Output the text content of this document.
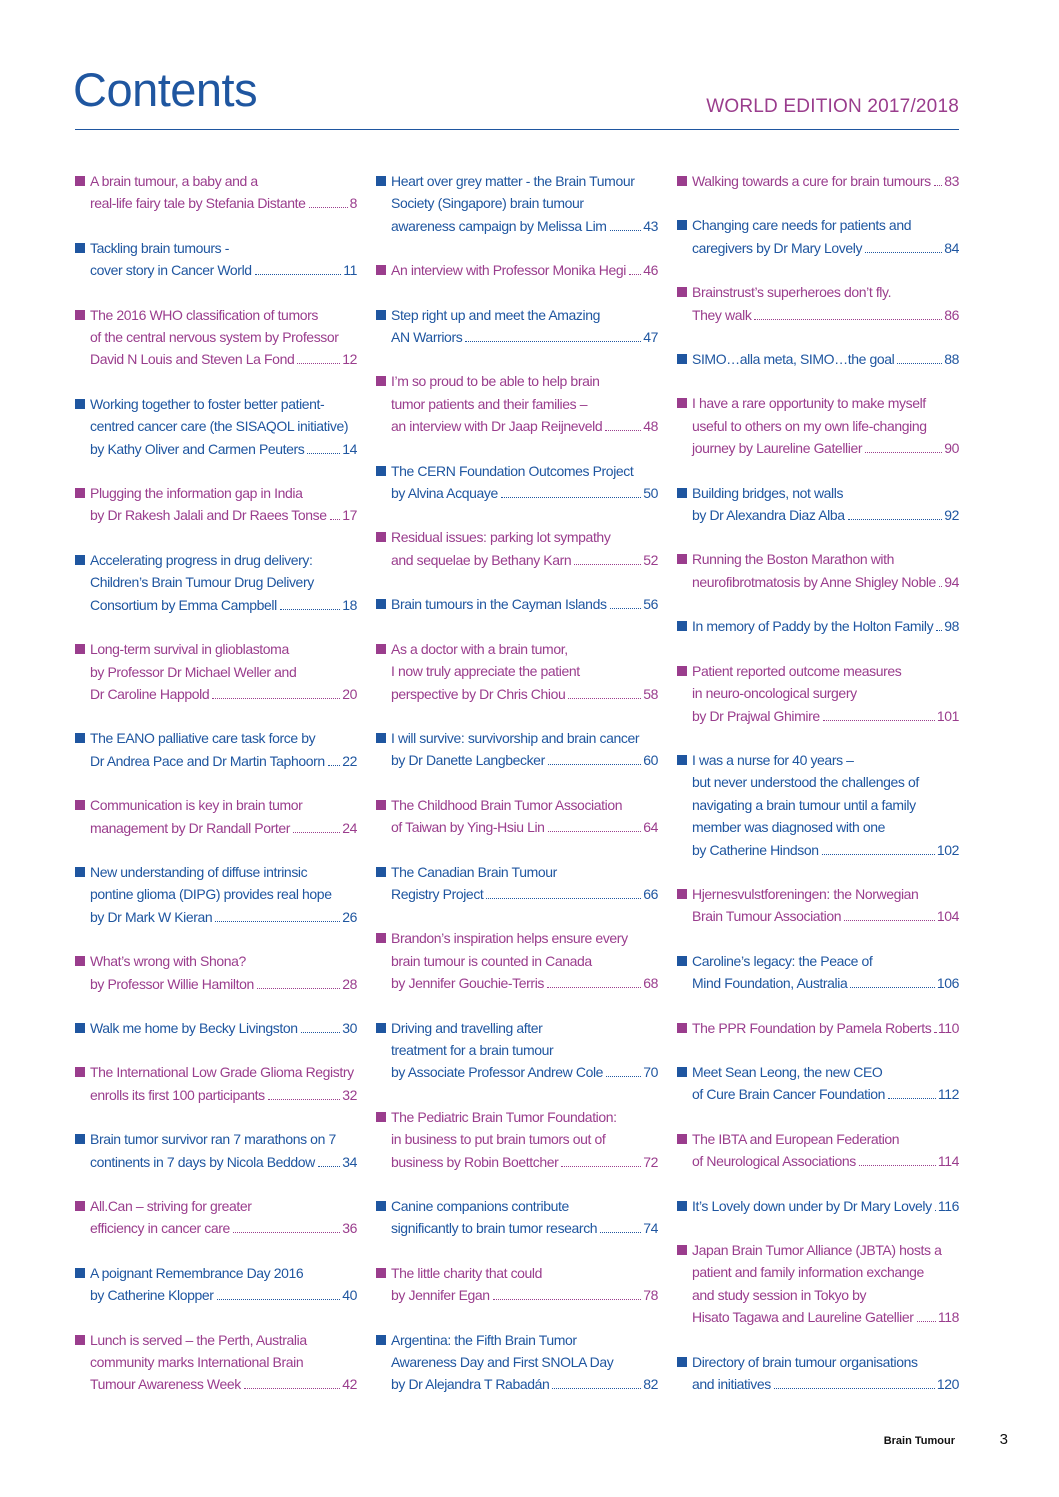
Contents	WORLD EDITION 2017/2018
A brain tumour, a baby and a
real-life fairy tale by Stefania Distante	8
Tackling brain tumours -
cover story in Cancer World	11
The 2016 WHO classification of tumors
of the central nervous system by Professor
David N Louis and Steven La Fond	12
Working together to foster better patient-
centred cancer care (the SISAQOL initiative)
by Kathy Oliver and Carmen Peuters	14
Plugging the information gap in India
by Dr Rakesh Jalali and Dr Raees Tonse 17
Accelerating progress in drug delivery:
Children’s Brain Tumour Drug Delivery
Consortium by Emma Campbell	18
Long-term survival in glioblastoma
by Professor Dr Michael Weller and
Dr Caroline Happold	20
The EANO palliative care task force by
Dr Andrea Pace and Dr Martin Taphoorn 22
Communication is key in brain tumor
management by Dr Randall Porter	24
New understanding of diffuse intrinsic
pontine glioma (DIPG) provides real hope
by Dr Mark W Kieran	26
What’s wrong with Shona?
by Professor Willie Hamilton	28
Walk me home by Becky Livingston	30
The International Low Grade Glioma Registry
enrolls its first 100 participants	32
Brain tumor survivor ran 7 marathons on 7
continents in 7 days by Nicola Beddow 34
All.Can – striving for greater
efficiency in cancer care	36
A poignant Remembrance Day 2016
by Catherine Klopper	40
Lunch is served – the Perth, Australia
community marks International Brain
Tumour Awareness Week	42
Heart over grey matter - the Brain Tumour
Society (Singapore) brain tumour
awareness campaign by Melissa Lim	43
An interview with Professor Monika Hegi 46
Step right up and meet the Amazing
AN Warriors	47
I’m so proud to be able to help brain
tumor patients and their families –
an interview with Dr Jaap Reijneveld	48
The CERN Foundation Outcomes Project
by Alvina Acquaye	50
Residual issues: parking lot sympathy
and sequelae by Bethany Karn	52
Brain tumours in the Cayman Islands	56
As a doctor with a brain tumor,
I now truly appreciate the patient
perspective by Dr Chris Chiou	58
I will survive: survivorship and brain cancer
by Dr Danette Langbecker	60
The Childhood Brain Tumor Association
of Taiwan by Ying-Hsiu Lin	64
The Canadian Brain Tumour
Registry Project	66
Brandon’s inspiration helps ensure every
brain tumour is counted in Canada
by Jennifer Gouchie-Terris	68
Driving and travelling after
treatment for a brain tumour
by Associate Professor Andrew Cole	70
The Pediatric Brain Tumor Foundation:
in business to put brain tumors out of
business by Robin Boettcher	72
Canine companions contribute
significantly to brain tumor research	74
The little charity that could
by Jennifer Egan	78
Argentina: the Fifth Brain Tumor
Awareness Day and First SNOLA Day
by Dr Alejandra T Rabadán	82
Walking towards a cure for brain tumours 83
Changing care needs for patients and
caregivers by Dr Mary Lovely	84
Brainstrust’s superheroes don’t fly.
They walk	86
SIMO…alla meta, SIMO…the goal	88
I have a rare opportunity to make myself
useful to others on my own life-changing
journey by Laureline Gatellier	90
Building bridges, not walls
by Dr Alexandra Diaz Alba	92
Running the Boston Marathon with
neurofibrotmatosis by Anne Shigley Noble 94
In memory of Paddy by the Holton Family 98
Patient reported outcome measures
in neuro-oncological surgery
by Dr Prajwal Ghimire	101
I was a nurse for 40 years –
but never understood the challenges of
navigating a brain tumour until a family
member was diagnosed with one
by Catherine Hindson	102
Hjernesvulstforeningen: the Norwegian
Brain Tumour Association	104
Caroline’s legacy: the Peace of
Mind Foundation, Australia	106
The PPR Foundation by Pamela Roberts 110
Meet Sean Leong, the new CEO
of Cure Brain Cancer Foundation	112
The IBTA and European Federation
of Neurological Associations	114
It’s Lovely down under by Dr Mary Lovely 116
Japan Brain Tumor Alliance (JBTA) hosts a
patient and family information exchange
and study session in Tokyo by
Hisato Tagawa and Laureline Gatellier 118
Directory of brain tumour organisations
and initiatives	120
Brain Tumour	3
